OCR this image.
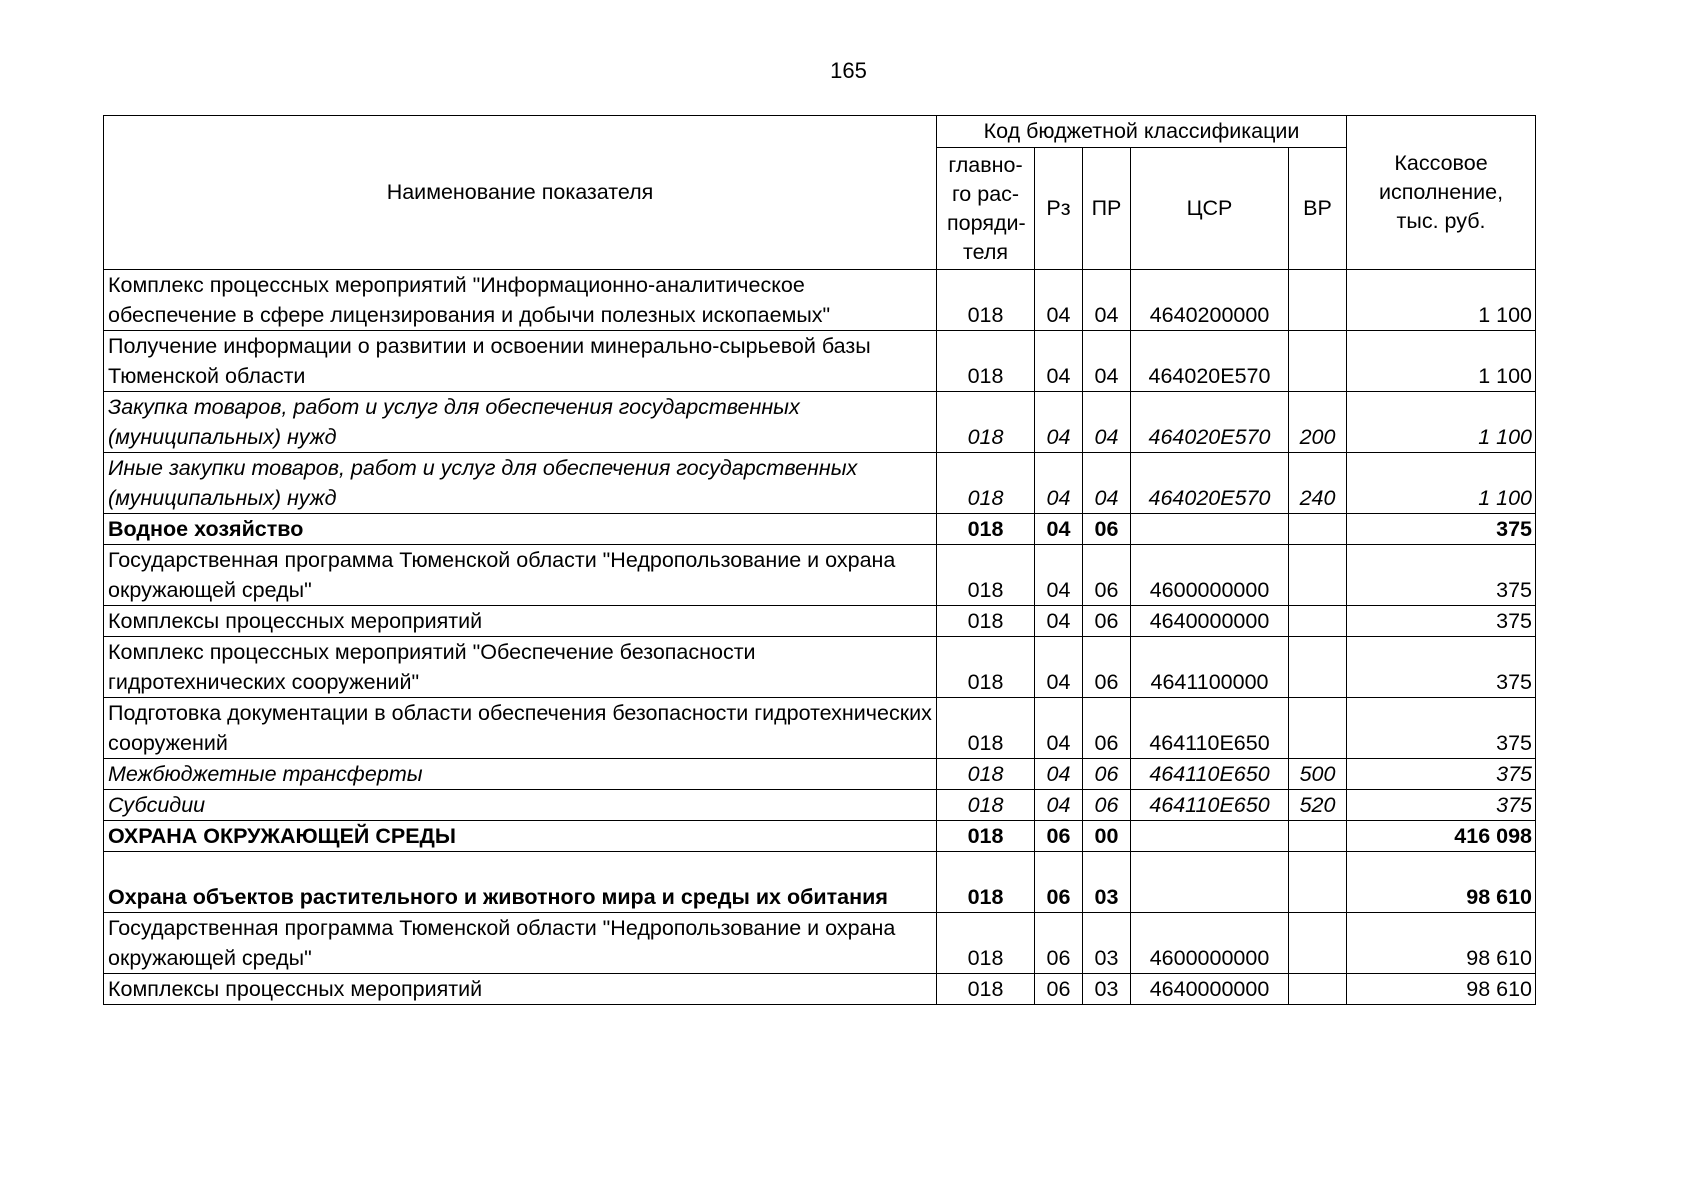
165
Наименование показателя	Код бюджетной классификации					Кассовое исполнение, тыс. руб.
	главно-го рас-поряди-теля	Рз	ПР	ЦСР	ВР	
Комплекс процессных мероприятий "Информационно-аналитическое обеспечение в сфере лицензирования и добычи полезных ископаемых"	018	04	04	4640200000		1 100
Получение информации о развитии и освоении минерально-сырьевой базы Тюменской области	018	04	04	464020Е570		1 100
Закупка товаров, работ и услуг для обеспечения государственных (муниципальных) нужд	018	04	04	464020Е570	200	1 100
Иные закупки товаров, работ и услуг для обеспечения государственных (муниципальных) нужд	018	04	04	464020Е570	240	1 100
Водное хозяйство	018	04	06			375
Государственная программа Тюменской области "Недропользование и охрана окружающей среды"	018	04	06	4600000000		375
Комплексы процессных мероприятий	018	04	06	4640000000		375
Комплекс процессных мероприятий "Обеспечение безопасности гидротехнических сооружений"	018	04	06	4641100000		375
Подготовка документации в области обеспечения безопасности гидротехнических сооружений	018	04	06	464110Е650		375
Межбюджетные трансферты	018	04	06	464110Е650	500	375
Субсидии	018	04	06	464110Е650	520	375
ОХРАНА ОКРУЖАЮЩЕЙ СРЕДЫ	018	06	00			416 098
Охрана объектов растительного и животного мира и среды их обитания	018	06	03			98 610
Государственная программа Тюменской области "Недропользование и охрана окружающей среды"	018	06	03	4600000000		98 610
Комплексы процессных мероприятий	018	06	03	4640000000		98 610
